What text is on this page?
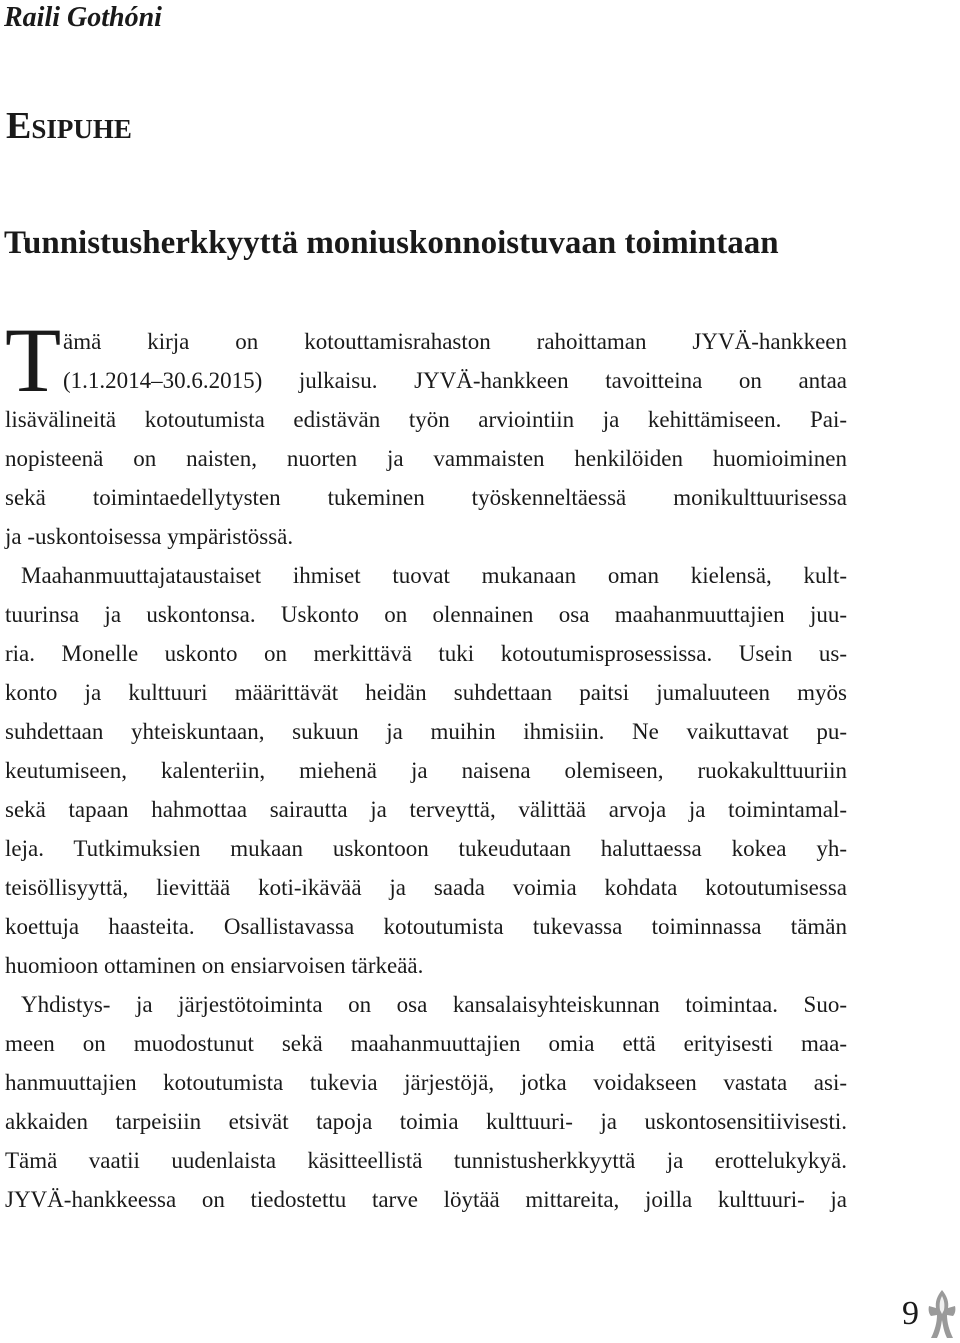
Raili Gothóni
Esipuhe
Tunnistusherkkyyttä moniuskonnoistuvaan toimintaan
T ämä kirja on kotouttamisrahaston rahoittaman JYVÄ-hankkeen
(1.1.2014–30.6.2015) julkaisu. JYVÄ-hankkeen tavoitteina on antaa
lisävälineitä kotoutumista edistävän työn arviointiin ja kehittämiseen. Pai-
nopisteenä on naisten, nuorten ja vammaisten henkilöiden huomioiminen
sekä toimintaedellytysten tukeminen työskenneltäessä monikulttuurisessa
ja -uskontoisessa ympäristössä.
Maahanmuuttajataustaiset ihmiset tuovat mukanaan oman kielensä, kult-
tuurinsa ja uskontonsa. Uskonto on olennainen osa maahanmuuttajien juu-
ria. Monelle uskonto on merkittävä tuki kotoutumisprosessissa. Usein us-
konto ja kulttuuri määrittävät heidän suhdettaan paitsi jumaluuteen myös
suhdettaan yhteiskuntaan, sukuun ja muihin ihmisiin. Ne vaikuttavat pu-
keutumiseen, kalenteriin, miehenä ja naisena olemiseen, ruokakulttuuriin
sekä tapaan hahmottaa sairautta ja terveyttä, välittää arvoja ja toimintamal-
leja. Tutkimuksien mukaan uskontoon tukeudutaan haluttaessa kokea yh-
teisöllisyyttä, lievittää koti-ikävää ja saada voimia kohdata kotoutumisessa
koettuja haasteita. Osallistavassa kotoutumista tukevassa toiminnassa tämän
huomioon ottaminen on ensiarvoisen tärkeää.
Yhdistys- ja järjestötoiminta on osa kansalaisyhteiskunnan toimintaa. Suo-
meen on muodostunut sekä maahanmuuttajien omia että erityisesti maa-
hanmuuttajien kotoutumista tukevia järjestöjä, jotka voidakseen vastata asi-
akkaiden tarpeisiin etsivät tapoja toimia kulttuuri- ja uskontosensitiivisesti.
Tämä vaatii uudenlaista käsitteellistä tunnistusherkkyyttä ja erottelukykyä.
JYVÄ-hankkeessa on tiedostettu tarve löytää mittareita, joilla kulttuuri- ja
9
